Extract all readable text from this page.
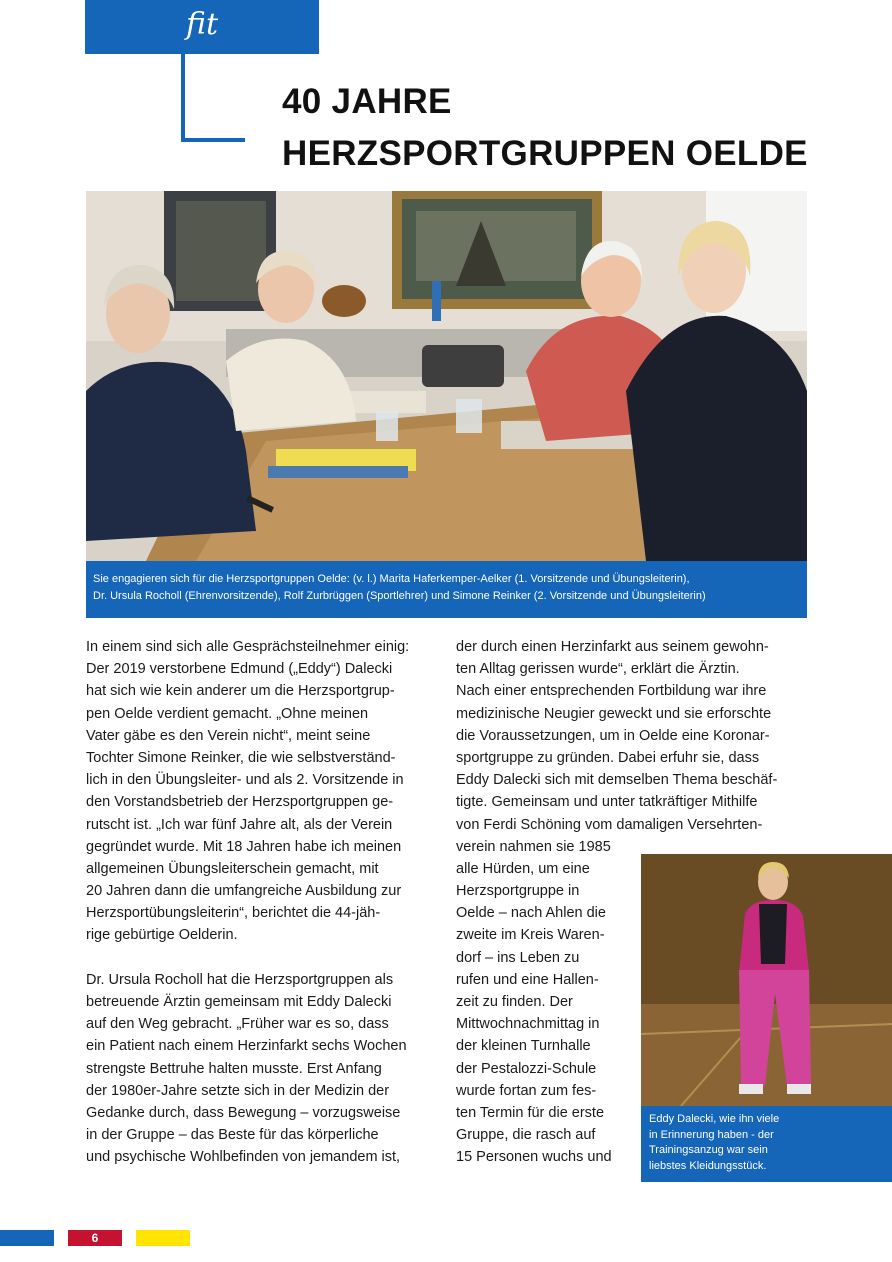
fit
40 JAHRE
HERZSPORTGRUPPEN OELDE
Sie engagieren sich für die Herzsportgruppen Oelde: (v. l.) Marita Haferkemper-Aelker (1. Vorsitzende und Übungsleiterin),
Dr. Ursula Rocholl (Ehrenvorsitzende), Rolf Zurbrüggen (Sportlehrer) und Simone Reinker (2. Vorsitzende und Übungsleiterin)
In einem sind sich alle Gesprächsteilnehmer einig:
Der 2019 verstorbene Edmund („Eddy“) Dalecki
hat sich wie kein anderer um die Herzsportgrup-
pen Oelde verdient gemacht. „Ohne meinen
Vater gäbe es den Verein nicht“, meint seine
Tochter Simone Reinker, die wie selbstverständ-
lich in den Übungsleiter- und als 2. Vorsitzende in
den Vorstandsbetrieb der Herzsportgruppen ge-
rutscht ist. „Ich war fünf Jahre alt, als der Verein
gegründet wurde. Mit 18 Jahren habe ich meinen
allgemeinen Übungsleiterschein gemacht, mit
20 Jahren dann die umfangreiche Ausbildung zur
Herzsportübungsleiterin“, berichtet die 44-jäh-
rige gebürtige Oelderin.
Dr. Ursula Rocholl hat die Herzsportgruppen als
betreuende Ärztin gemeinsam mit Eddy Dalecki
auf den Weg gebracht. „Früher war es so, dass
ein Patient nach einem Herzinfarkt sechs Wochen
strengste Bettruhe halten musste. Erst Anfang
der 1980er-Jahre setzte sich in der Medizin der
Gedanke durch, dass Bewegung – vorzugsweise
in der Gruppe – das Beste für das körperliche
und psychische Wohlbefinden von jemandem ist,
der durch einen Herzinfarkt aus seinem gewohn-
ten Alltag gerissen wurde“, erklärt die Ärztin.
Nach einer entsprechenden Fortbildung war ihre
medizinische Neugier geweckt und sie erforschte
die Voraussetzungen, um in Oelde eine Koronar-
sportgruppe zu gründen. Dabei erfuhr sie, dass
Eddy Dalecki sich mit demselben Thema beschäf-
tigte. Gemeinsam und unter tatkräftiger Mithilfe
von Ferdi Schöning vom damaligen Versehrten-
verein nahmen sie 1985
alle Hürden, um eine
Herzsportgruppe in
Oelde – nach Ahlen die
zweite im Kreis Waren-
dorf – ins Leben zu
rufen und eine Hallen-
zeit zu finden. Der
Mittwochnachmittag in
der kleinen Turnhalle
der Pestalozzi-Schule
wurde fortan zum fes-
ten Termin für die erste
Gruppe, die rasch auf
15 Personen wuchs und
Eddy Dalecki, wie ihn viele
in Erinnerung haben - der
Trainingsanzug war sein
liebstes Kleidungsstück.
6
